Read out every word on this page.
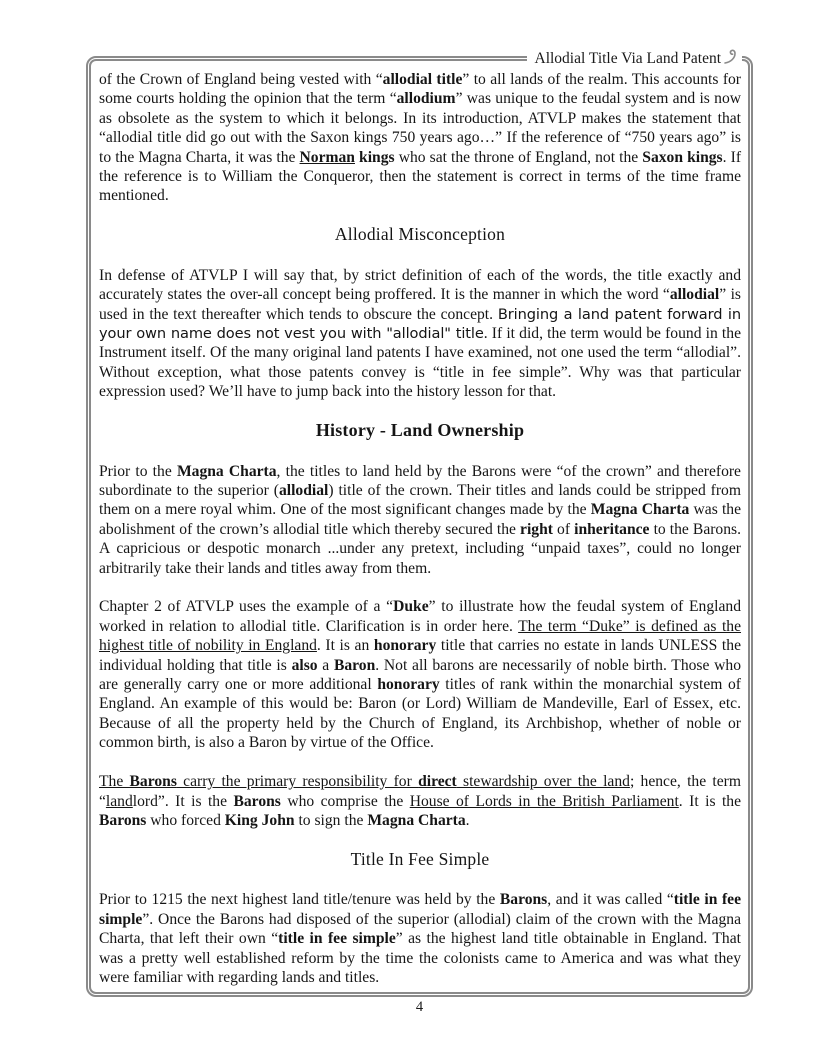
Allodial Title Via Land Patent

of the Crown of England being vested with “allodial title” to all lands of the realm. This accounts for some courts holding the opinion that the term “allodium” was unique to the feudal system and is now as obsolete as the system to which it belongs. In its introduction, ATVLP makes the statement that “allodial title did go out with the Saxon kings 750 years ago…” If the reference of “750 years ago” is to the Magna Charta, it was the Norman kings who sat the throne of England, not the Saxon kings. If the reference is to William the Conqueror, then the statement is correct in terms of the time frame mentioned.

Allodial Misconception

In defense of ATVLP I will say that, by strict definition of each of the words, the title exactly and accurately states the over-all concept being proffered. It is the manner in which the word “allodial” is used in the text thereafter which tends to obscure the concept. Bringing a land patent forward in your own name does not vest you with "allodial" title. If it did, the term would be found in the Instrument itself. Of the many original land patents I have examined, not one used the term “allodial”. Without exception, what those patents convey is “title in fee simple”. Why was that particular expression used? We’ll have to jump back into the history lesson for that.

History - Land Ownership

Prior to the Magna Charta, the titles to land held by the Barons were “of the crown” and therefore subordinate to the superior (allodial) title of the crown. Their titles and lands could be stripped from them on a mere royal whim. One of the most significant changes made by the Magna Charta was the abolishment of the crown’s allodial title which thereby secured the right of inheritance to the Barons. A capricious or despotic monarch ...under any pretext, including “unpaid taxes”, could no longer arbitrarily take their lands and titles away from them.

Chapter 2 of ATVLP uses the example of a “Duke” to illustrate how the feudal system of England worked in relation to allodial title. Clarification is in order here. The term “Duke” is defined as the highest title of nobility in England. It is an honorary title that carries no estate in lands UNLESS the individual holding that title is also a Baron. Not all barons are necessarily of noble birth. Those who are generally carry one or more additional honorary titles of rank within the monarchial system of England. An example of this would be: Baron (or Lord) William de Mandeville, Earl of Essex, etc. Because of all the property held by the Church of England, its Archbishop, whether of noble or common birth, is also a Baron by virtue of the Office.

The Barons carry the primary responsibility for direct stewardship over the land; hence, the term “landlord”. It is the Barons who comprise the House of Lords in the British Parliament. It is the Barons who forced King John to sign the Magna Charta.

Title In Fee Simple

Prior to 1215 the next highest land title/tenure was held by the Barons, and it was called “title in fee simple”. Once the Barons had disposed of the superior (allodial) claim of the crown with the Magna Charta, that left their own “title in fee simple” as the highest land title obtainable in England. That was a pretty well established reform by the time the colonists came to America and was what they were familiar with regarding lands and titles.

4
